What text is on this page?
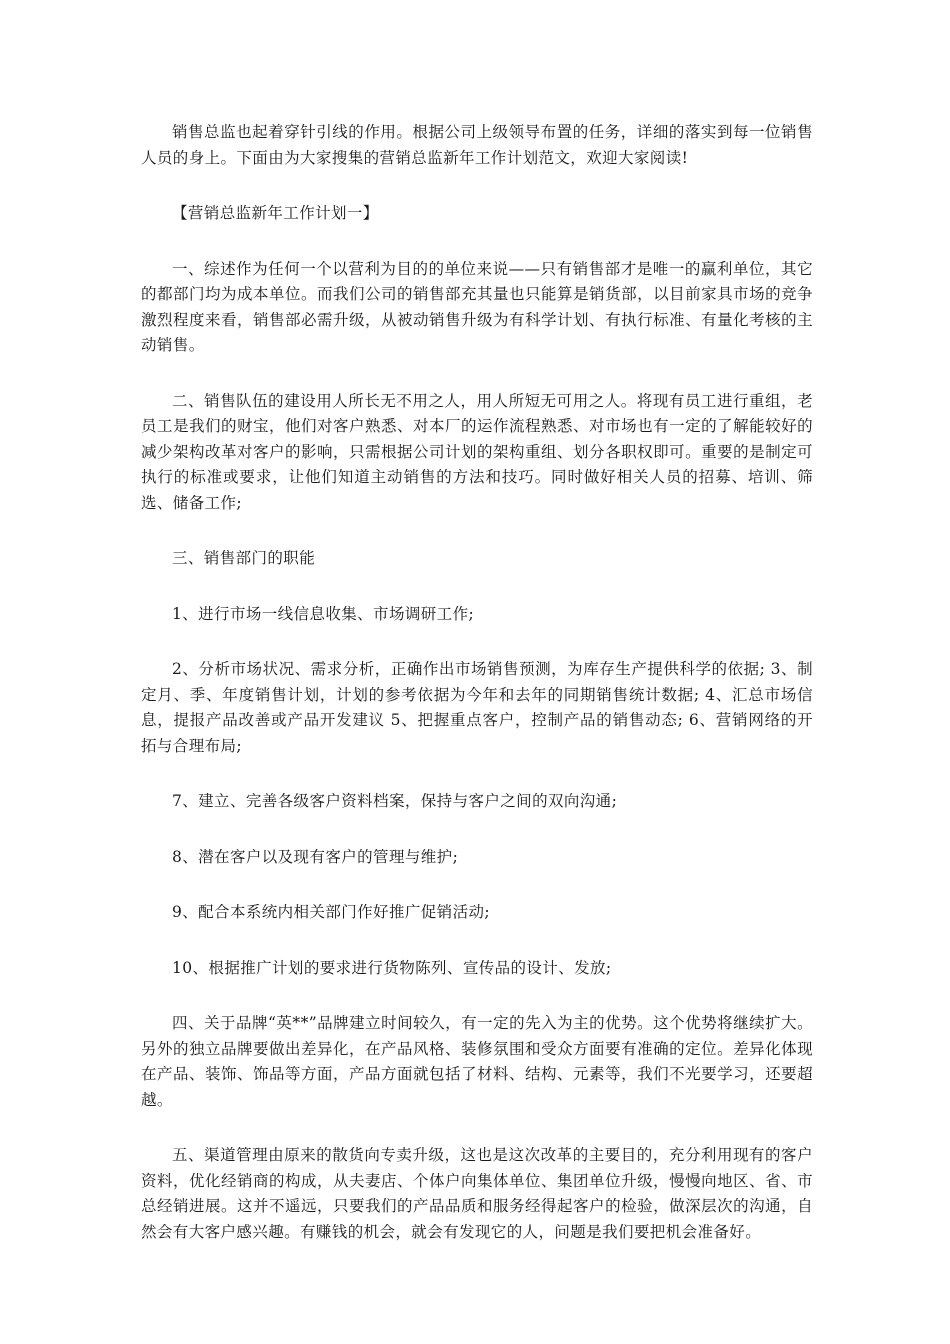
销售总监也起着穿针引线的作用。根据公司上级领导布置的任务，详细的落实到每一位销售人员的身上。下面由为大家搜集的营销总监新年工作计划范文，欢迎大家阅读!

【营销总监新年工作计划一】

一、综述作为任何一个以营利为目的的单位来说——只有销售部才是唯一的赢利单位，其它的都部门均为成本单位。而我们公司的销售部充其量也只能算是销货部，以目前家具市场的竞争激烈程度来看，销售部必需升级，从被动销售升级为有科学计划、有执行标准、有量化考核的主动销售。

二、销售队伍的建设用人所长无不用之人，用人所短无可用之人。将现有员工进行重组，老 员工是我们的财宝，他们对客户熟悉、对本厂的运作流程熟悉、对市场也有一定的了解能较好的减少架构改革对客户的影响，只需根据公司计划的架构重组、划分各职权即可。重要的是制定可执行的标准或要求，让他们知道主动销售的方法和技巧。同时做好相关人员的招募、培训、筛选、储备工作;

三、销售部门的职能

1、进行市场一线信息收集、市场调研工作;

2、分析市场状况、需求分析，正确作出市场销售预测，为库存生产提供科学的依据; 3、制定月、季、年度销售计划，计划的参考依据为今年和去年的同期销售统计数据; 4、汇总市场信息，提报产品改善或产品开发建议 5、把握重点客户，控制产品的销售动态; 6、营销网络的开拓与合理布局;

7、建立、完善各级客户资料档案，保持与客户之间的双向沟通;

8、潜在客户以及现有客户的管理与维护;

9、配合本系统内相关部门作好推广促销活动;

10、根据推广计划的要求进行货物陈列、宣传品的设计、发放;

四、关于品牌“英**”品牌建立时间较久，有一定的先入为主的优势。这个优势将继续扩大。另外的独立品牌要做出差异化，在产品风格、装修氛围和受众方面要有准确的定位。差异化体现在产品、装饰、饰品等方面，产品方面就包括了材料、结构、元素等，我们不光要学习，还要超越。

五、渠道管理由原来的散货向专卖升级，这也是这次改革的主要目的，充分利用现有的客户资料，优化经销商的构成，从夫妻店、个体户向集体单位、集团单位升级，慢慢向地区、省、市总经销进展。这并不遥远，只要我们的产品品质和服务经得起客户的检验，做深层次的沟通，自然会有大客户感兴趣。有赚钱的机会，就会有发现它的人，问题是我们要把机会准备好。
